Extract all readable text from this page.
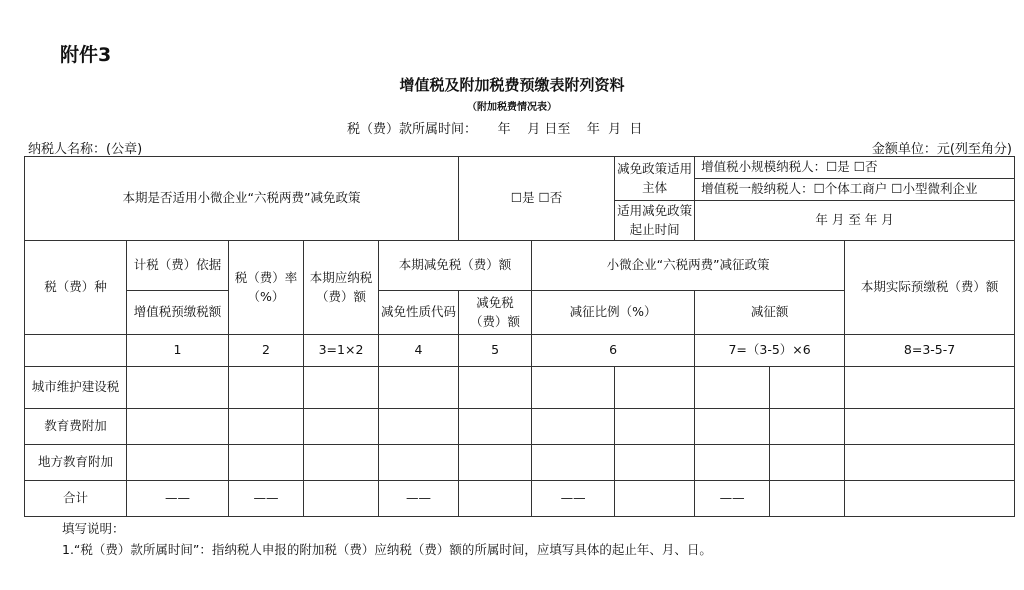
附件3
增值税及附加税费预缴表附列资料
（附加税费情况表）
税（费）款所属时间：     年    月 日至    年  月  日
纳税人名称：(公章)	金额单位：元(列至角分)
本期是否适用小微企业“六税两费”减免政策					☐是 ☐否		减免政策适用主体	增值税小规模纳税人：☐是 ☐否		
								增值税一般纳税人：☐个体工商户 ☐小型微利企业		
							适用减免政策起止时间	年 月 至 年 月		
税（费）种	计税（费）依据	税（费）率（%）	本期应纳税（费）额	本期减免税（费）额		小微企业“六税两费”减征政策				本期实际预缴税（费）额
	增值税预缴税额			减免性质代码	减免税（费）额	减征比例（%）		减征额		
	1	2	3=1×2	4	5	6		7=（3-5）×6		8=3-5-7
城市维护建设税										
教育费附加										
地方教育附加										
合计	——	——		——		——		——		
填写说明：
1.“税（费）款所属时间”：指纳税人申报的附加税（费）应纳税（费）额的所属时间，应填写具体的起止年、月、日。
